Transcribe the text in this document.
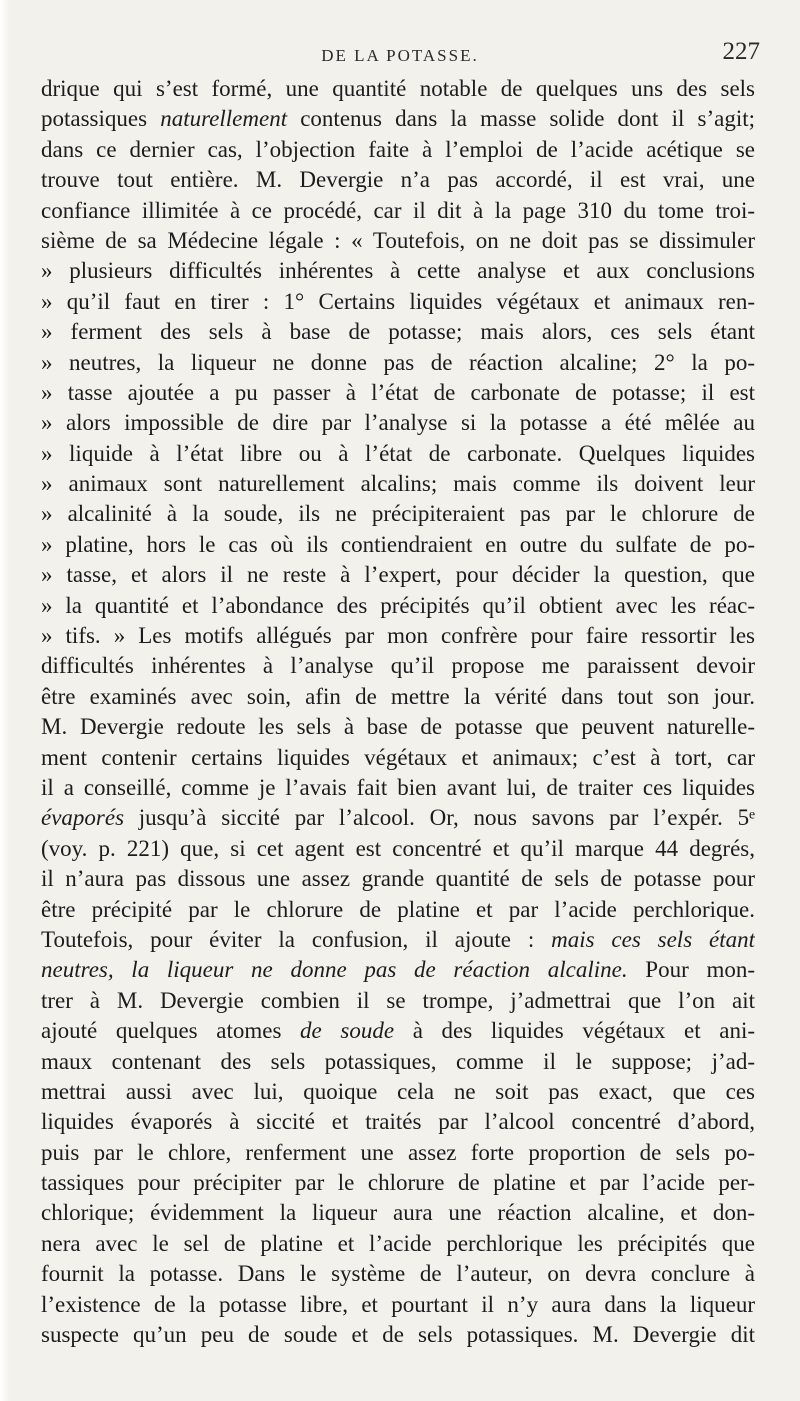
DE LA POTASSE.	227
drique qui s’est formé, une quantité notable de quelques uns des sels
potassiques naturellement contenus dans la masse solide dont il s’agit;
dans ce dernier cas, l’objection faite à l’emploi de l’acide acétique se
trouve tout entière. M. Devergie n’a pas accordé, il est vrai, une
confiance illimitée à ce procédé, car il dit à la page 310 du tome troi-
sième de sa Médecine légale : « Toutefois, on ne doit pas se dissimuler
» plusieurs difficultés inhérentes à cette analyse et aux conclusions
» qu’il faut en tirer : 1° Certains liquides végétaux et animaux ren-
» ferment des sels à base de potasse; mais alors, ces sels étant
» neutres, la liqueur ne donne pas de réaction alcaline; 2° la po-
» tasse ajoutée a pu passer à l’état de carbonate de potasse; il est
» alors impossible de dire par l’analyse si la potasse a été mêlée au
» liquide à l’état libre ou à l’état de carbonate. Quelques liquides
» animaux sont naturellement alcalins; mais comme ils doivent leur
» alcalinité à la soude, ils ne précipiteraient pas par le chlorure de
» platine, hors le cas où ils contiendraient en outre du sulfate de po-
» tasse, et alors il ne reste à l’expert, pour décider la question, que
» la quantité et l’abondance des précipités qu’il obtient avec les réac-
» tifs. » Les motifs allégués par mon confrère pour faire ressortir les
difficultés inhérentes à l’analyse qu’il propose me paraissent devoir
être examinés avec soin, afin de mettre la vérité dans tout son jour.
M. Devergie redoute les sels à base de potasse que peuvent naturelle-
ment contenir certains liquides végétaux et animaux; c’est à tort, car
il a conseillé, comme je l’avais fait bien avant lui, de traiter ces liquides
évaporés jusqu’à siccité par l’alcool. Or, nous savons par l’expér. 5ᵉ
(voy. p. 221) que, si cet agent est concentré et qu’il marque 44 degrés,
il n’aura pas dissous une assez grande quantité de sels de potasse pour
être précipité par le chlorure de platine et par l’acide perchlorique.
Toutefois, pour éviter la confusion, il ajoute : mais ces sels étant
neutres, la liqueur ne donne pas de réaction alcaline. Pour mon-
trer à M. Devergie combien il se trompe, j’admettrai que l’on ait
ajouté quelques atomes de soude à des liquides végétaux et ani-
maux contenant des sels potassiques, comme il le suppose; j’ad-
mettrai aussi avec lui, quoique cela ne soit pas exact, que ces
liquides évaporés à siccité et traités par l’alcool concentré d’abord,
puis par le chlore, renferment une assez forte proportion de sels po-
tassiques pour précipiter par le chlorure de platine et par l’acide per-
chlorique; évidemment la liqueur aura une réaction alcaline, et don-
nera avec le sel de platine et l’acide perchlorique les précipités que
fournit la potasse. Dans le système de l’auteur, on devra conclure à
l’existence de la potasse libre, et pourtant il n’y aura dans la liqueur
suspecte qu’un peu de soude et de sels potassiques. M. Devergie dit
